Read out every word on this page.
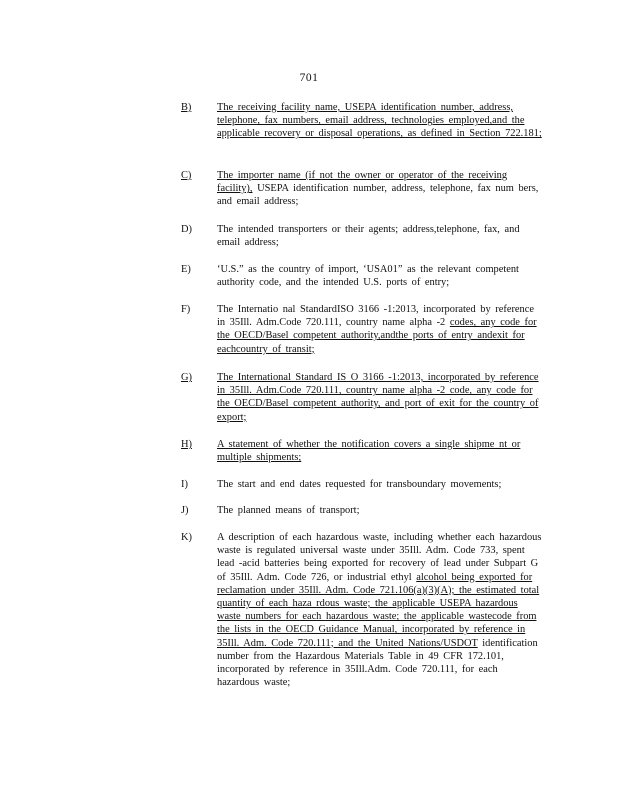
701
B)	The receiving facility name, USEPA identification number, address, telephone, fax numbers, email address, technologies employed,and the applicable recovery or disposal operations, as defined in Section 722.181;
C)	The importer name (if not the owner or operator of the receiving facility), USEPA identification number, address, telephone, fax num bers, and email address;
D)	The intended transporters or their agents; address,telephone, fax, and email address;
E)	‘U.S.” as the country of import, ‘USA01” as the relevant competent authority code, and the intended U.S. ports of entry;
F)	The Internatio nal StandardISO 3166 -1:2013, incorporated by reference in 35Ill. Adm.Code 720.111, country name alpha -2 codes, any code for the OECD/Basel competent authority,andthe ports of entry andexit for eachcountry of transit;
G)	The International Standard IS O 3166 -1:2013, incorporated by reference in 35Ill. Adm.Code 720.111, country name alpha -2 code, any code for the OECD/Basel competent authority, and port of exit for the country of export;
H)	A statement of whether the notification covers a single shipme nt or multiple shipments;
I)	The start and end dates requested for transboundary movements;
J)	The planned means of transport;
K)	A description of each hazardous waste, including whether each hazardous waste is regulated universal waste under 35Ill. Adm. Code 733, spent lead -acid batteries being exported for recovery of lead under Subpart G of 35Ill. Adm. Code 726, or industrial ethyl alcohol being exported for reclamation under 35Ill. Adm. Code 721.106(a)(3)(A); the estimated total quantity of each haza rdous waste; the applicable USEPA hazardous waste numbers for each hazardous waste; the applicable wastecode from the lists in the OECD Guidance Manual, incorporated by reference in 35Ill. Adm. Code 720.111; and the United Nations/USDOT identification number from the Hazardous Materials Table in 49 CFR 172.101, incorporated by reference in 35Ill.Adm. Code 720.111, for each hazardous waste;
